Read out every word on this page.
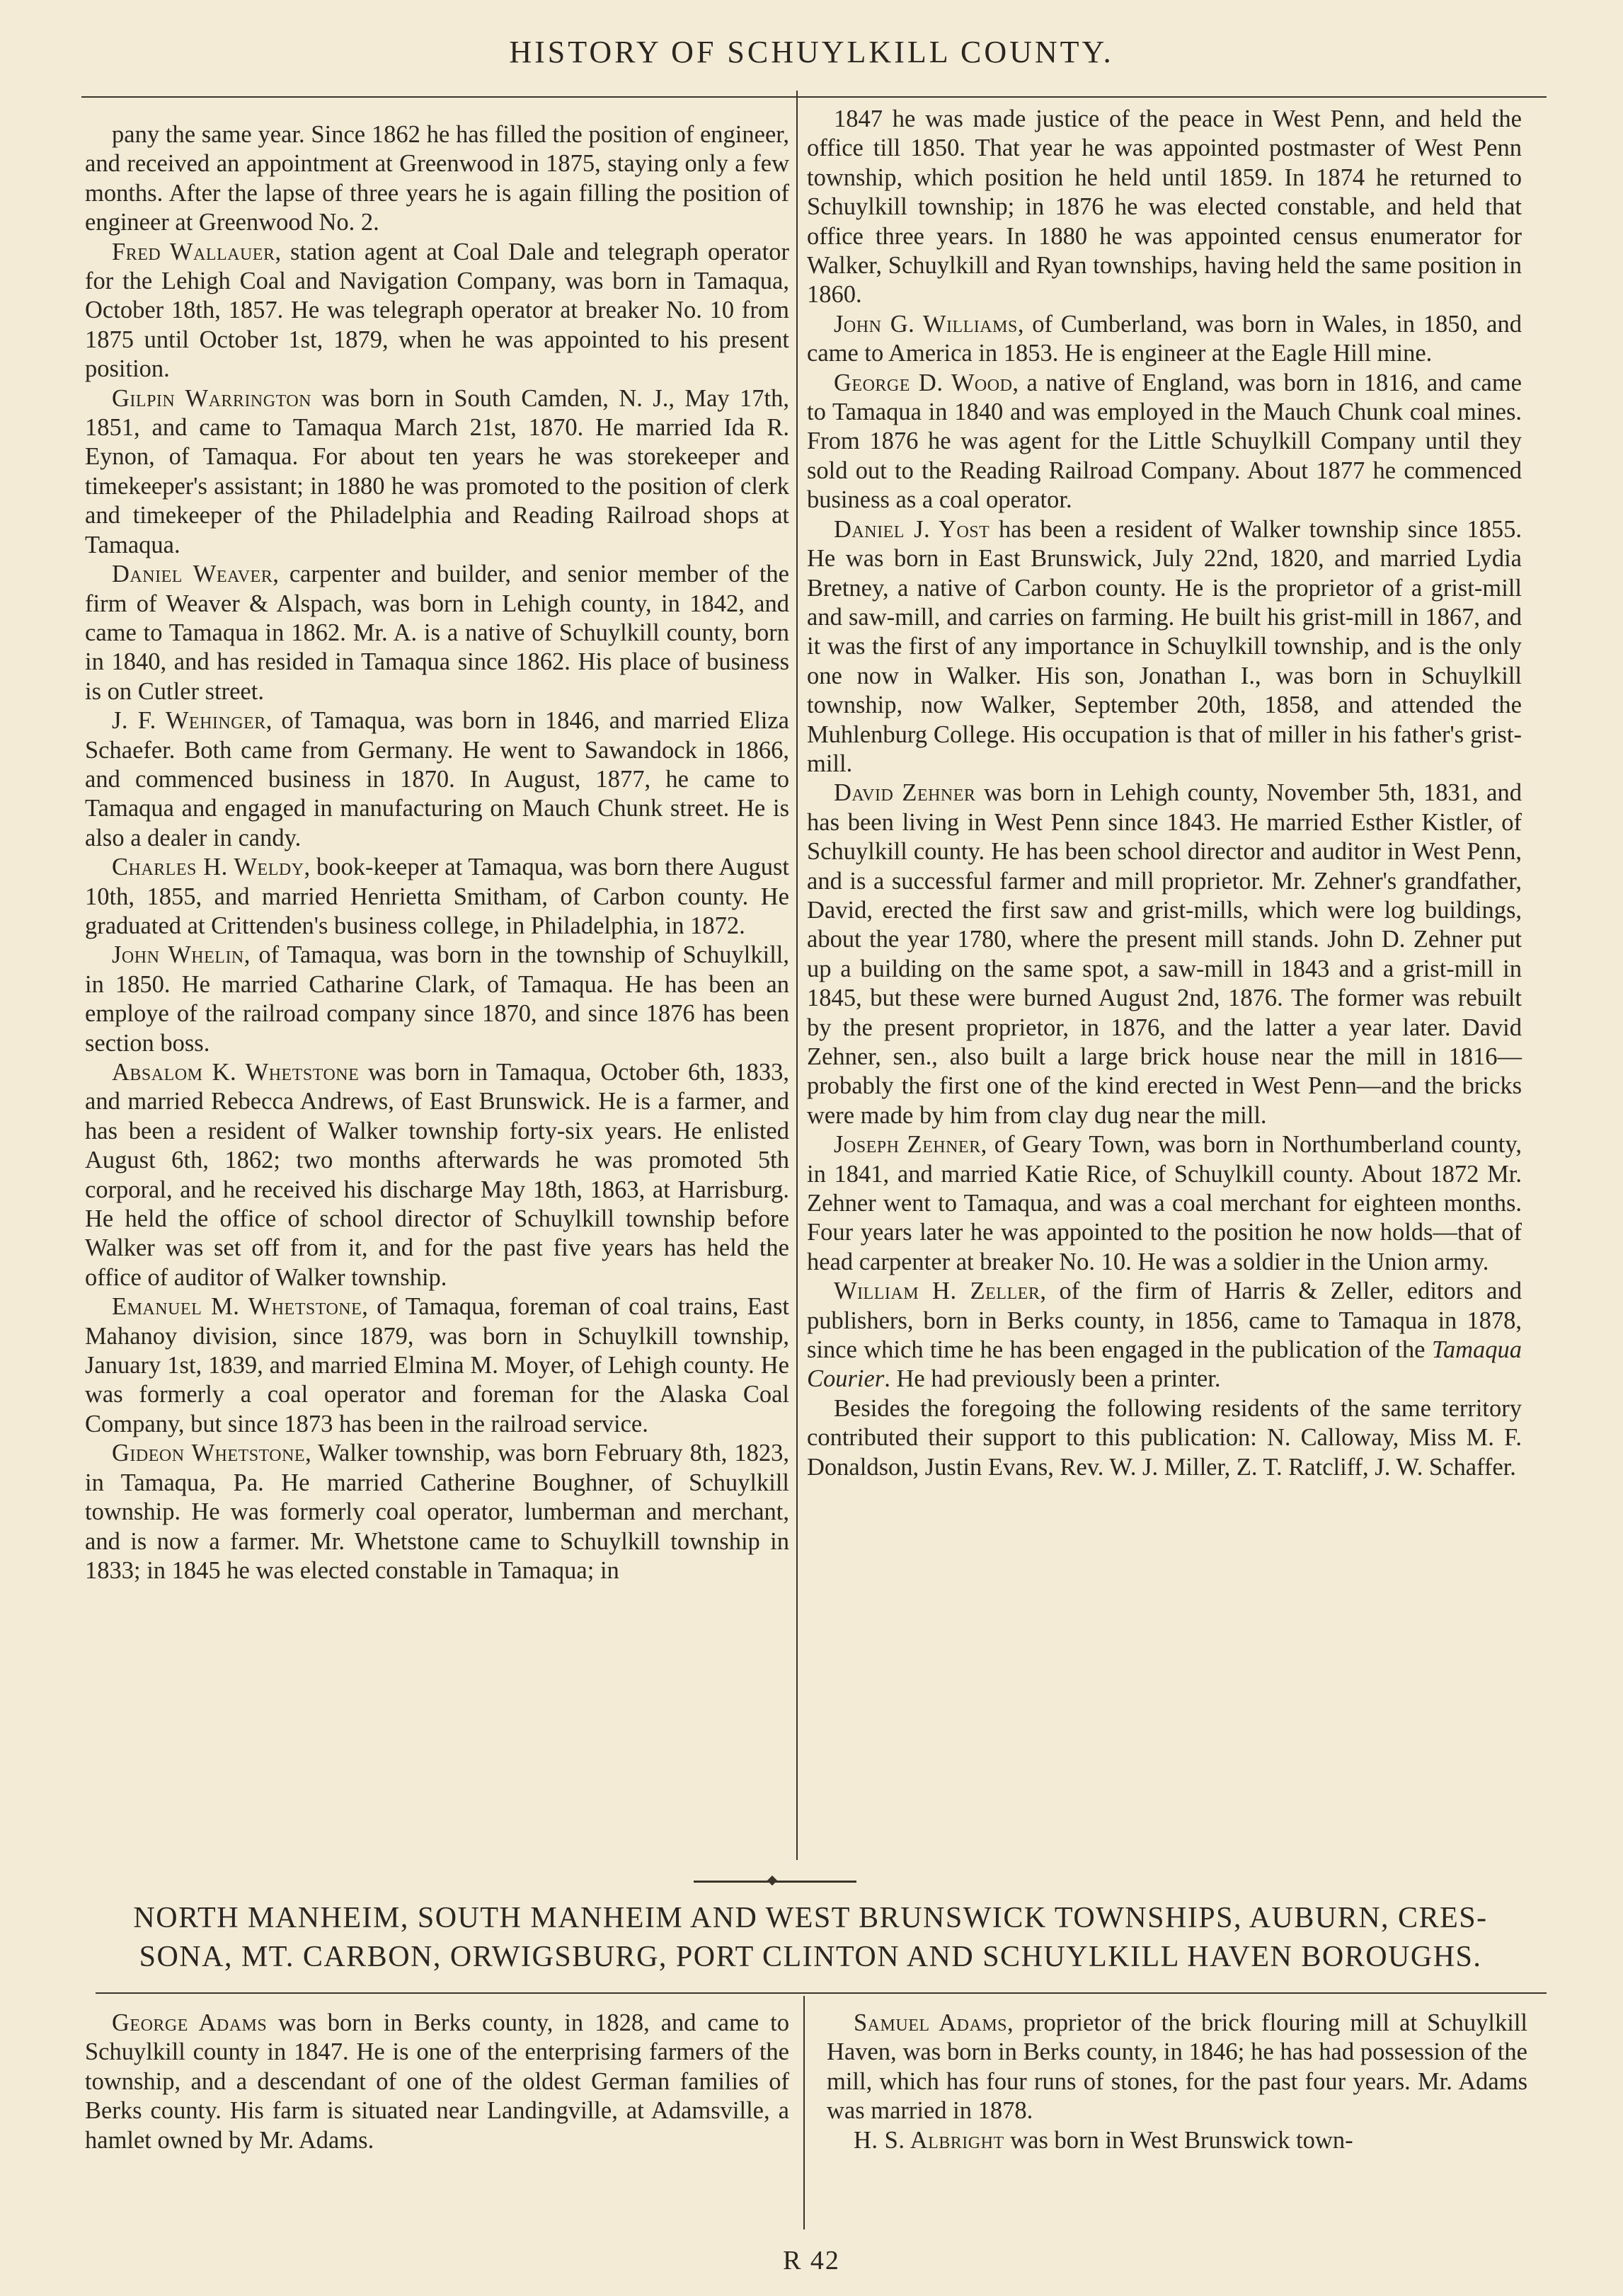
HISTORY OF SCHUYLKILL COUNTY.

pany the same year. Since 1862 he has filled the position of engineer, and received an appointment at Greenwood in 1875, staying only a few months. After the lapse of three years he is again filling the position of engineer at Greenwood No. 2.

Fred Wallauer, station agent at Coal Dale and telegraph operator for the Lehigh Coal and Navigation Company, was born in Tamaqua, October 18th, 1857. He was telegraph operator at breaker No. 10 from 1875 until October 1st, 1879, when he was appointed to his present position.

Gilpin Warrington was born in South Camden, N. J., May 17th, 1851, and came to Tamaqua March 21st, 1870. He married Ida R. Eynon, of Tamaqua. For about ten years he was storekeeper and timekeeper's assistant; in 1880 he was promoted to the position of clerk and timekeeper of the Philadelphia and Reading Railroad shops at Tamaqua.

Daniel Weaver, carpenter and builder, and senior member of the firm of Weaver & Alspach, was born in Lehigh county, in 1842, and came to Tamaqua in 1862. Mr. A. is a native of Schuylkill county, born in 1840, and has resided in Tamaqua since 1862. His place of business is on Cutler street.

J. F. Wehinger, of Tamaqua, was born in 1846, and married Eliza Schaefer. Both came from Germany. He went to Sawandock in 1866, and commenced business in 1870. In August, 1877, he came to Tamaqua and engaged in manufacturing on Mauch Chunk street. He is also a dealer in candy.

Charles H. Weldy, book-keeper at Tamaqua, was born there August 10th, 1855, and married Henrietta Smitham, of Carbon county. He graduated at Crittenden's business college, in Philadelphia, in 1872.

John Whelin, of Tamaqua, was born in the township of Schuylkill, in 1850. He married Catharine Clark, of Tamaqua. He has been an employe of the railroad company since 1870, and since 1876 has been section boss.

Absalom K. Whetstone was born in Tamaqua, October 6th, 1833, and married Rebecca Andrews, of East Brunswick. He is a farmer, and has been a resident of Walker township forty-six years. He enlisted August 6th, 1862; two months afterwards he was promoted 5th corporal, and he received his discharge May 18th, 1863, at Harrisburg. He held the office of school director of Schuylkill township before Walker was set off from it, and for the past five years has held the office of auditor of Walker township.

Emanuel M. Whetstone, of Tamaqua, foreman of coal trains, East Mahanoy division, since 1879, was born in Schuylkill township, January 1st, 1839, and married Elmina M. Moyer, of Lehigh county. He was formerly a coal operator and foreman for the Alaska Coal Company, but since 1873 has been in the railroad service.

Gideon Whetstone, Walker township, was born February 8th, 1823, in Tamaqua, Pa. He married Catherine Boughner, of Schuylkill township. He was formerly coal operator, lumberman and merchant, and is now a farmer. Mr. Whetstone came to Schuylkill township in 1833; in 1845 he was elected constable in Tamaqua; in

1847 he was made justice of the peace in West Penn, and held the office till 1850. That year he was appointed postmaster of West Penn township, which position he held until 1859. In 1874 he returned to Schuylkill township; in 1876 he was elected constable, and held that office three years. In 1880 he was appointed census enumerator for Walker, Schuylkill and Ryan townships, having held the same position in 1860.

John G. Williams, of Cumberland, was born in Wales, in 1850, and came to America in 1853. He is engineer at the Eagle Hill mine.

George D. Wood, a native of England, was born in 1816, and came to Tamaqua in 1840 and was employed in the Mauch Chunk coal mines. From 1876 he was agent for the Little Schuylkill Company until they sold out to the Reading Railroad Company. About 1877 he commenced business as a coal operator.

Daniel J. Yost has been a resident of Walker township since 1855. He was born in East Brunswick, July 22nd, 1820, and married Lydia Bretney, a native of Carbon county. He is the proprietor of a grist-mill and saw-mill, and carries on farming. He built his grist-mill in 1867, and it was the first of any importance in Schuylkill township, and is the only one now in Walker. His son, Jonathan I., was born in Schuylkill township, now Walker, September 20th, 1858, and attended the Muhlenburg College. His occupation is that of miller in his father's grist-mill.

David Zehner was born in Lehigh county, November 5th, 1831, and has been living in West Penn since 1843. He married Esther Kistler, of Schuylkill county. He has been school director and auditor in West Penn, and is a successful farmer and mill proprietor. Mr. Zehner's grandfather, David, erected the first saw and grist-mills, which were log buildings, about the year 1780, where the present mill stands. John D. Zehner put up a building on the same spot, a saw-mill in 1843 and a grist-mill in 1845, but these were burned August 2nd, 1876. The former was rebuilt by the present proprietor, in 1876, and the latter a year later. David Zehner, sen., also built a large brick house near the mill in 1816—probably the first one of the kind erected in West Penn—and the bricks were made by him from clay dug near the mill.

Joseph Zehner, of Geary Town, was born in Northumberland county, in 1841, and married Katie Rice, of Schuylkill county. About 1872 Mr. Zehner went to Tamaqua, and was a coal merchant for eighteen months. Four years later he was appointed to the position he now holds—that of head carpenter at breaker No. 10. He was a soldier in the Union army.

William H. Zeller, of the firm of Harris & Zeller, editors and publishers, born in Berks county, in 1856, came to Tamaqua in 1878, since which time he has been engaged in the publication of the Tamaqua Courier. He had previously been a printer.

Besides the foregoing the following residents of the same territory contributed their support to this publication: N. Calloway, Miss M. F. Donaldson, Justin Evans, Rev. W. J. Miller, Z. T. Ratcliff, J. W. Schaffer.

NORTH MANHEIM, SOUTH MANHEIM AND WEST BRUNSWICK TOWNSHIPS, AUBURN, CRES-
SONA, MT. CARBON, ORWIGSBURG, PORT CLINTON AND SCHUYLKILL HAVEN BOROUGHS.

George Adams was born in Berks county, in 1828, and came to Schuylkill county in 1847. He is one of the enterprising farmers of the township, and a descendant of one of the oldest German families of Berks county. His farm is situated near Landingville, at Adamsville, a hamlet owned by Mr. Adams.

Samuel Adams, proprietor of the brick flouring mill at Schuylkill Haven, was born in Berks county, in 1846; he has had possession of the mill, which has four runs of stones, for the past four years. Mr. Adams was married in 1878.

H. S. Albright was born in West Brunswick town-

R 42
